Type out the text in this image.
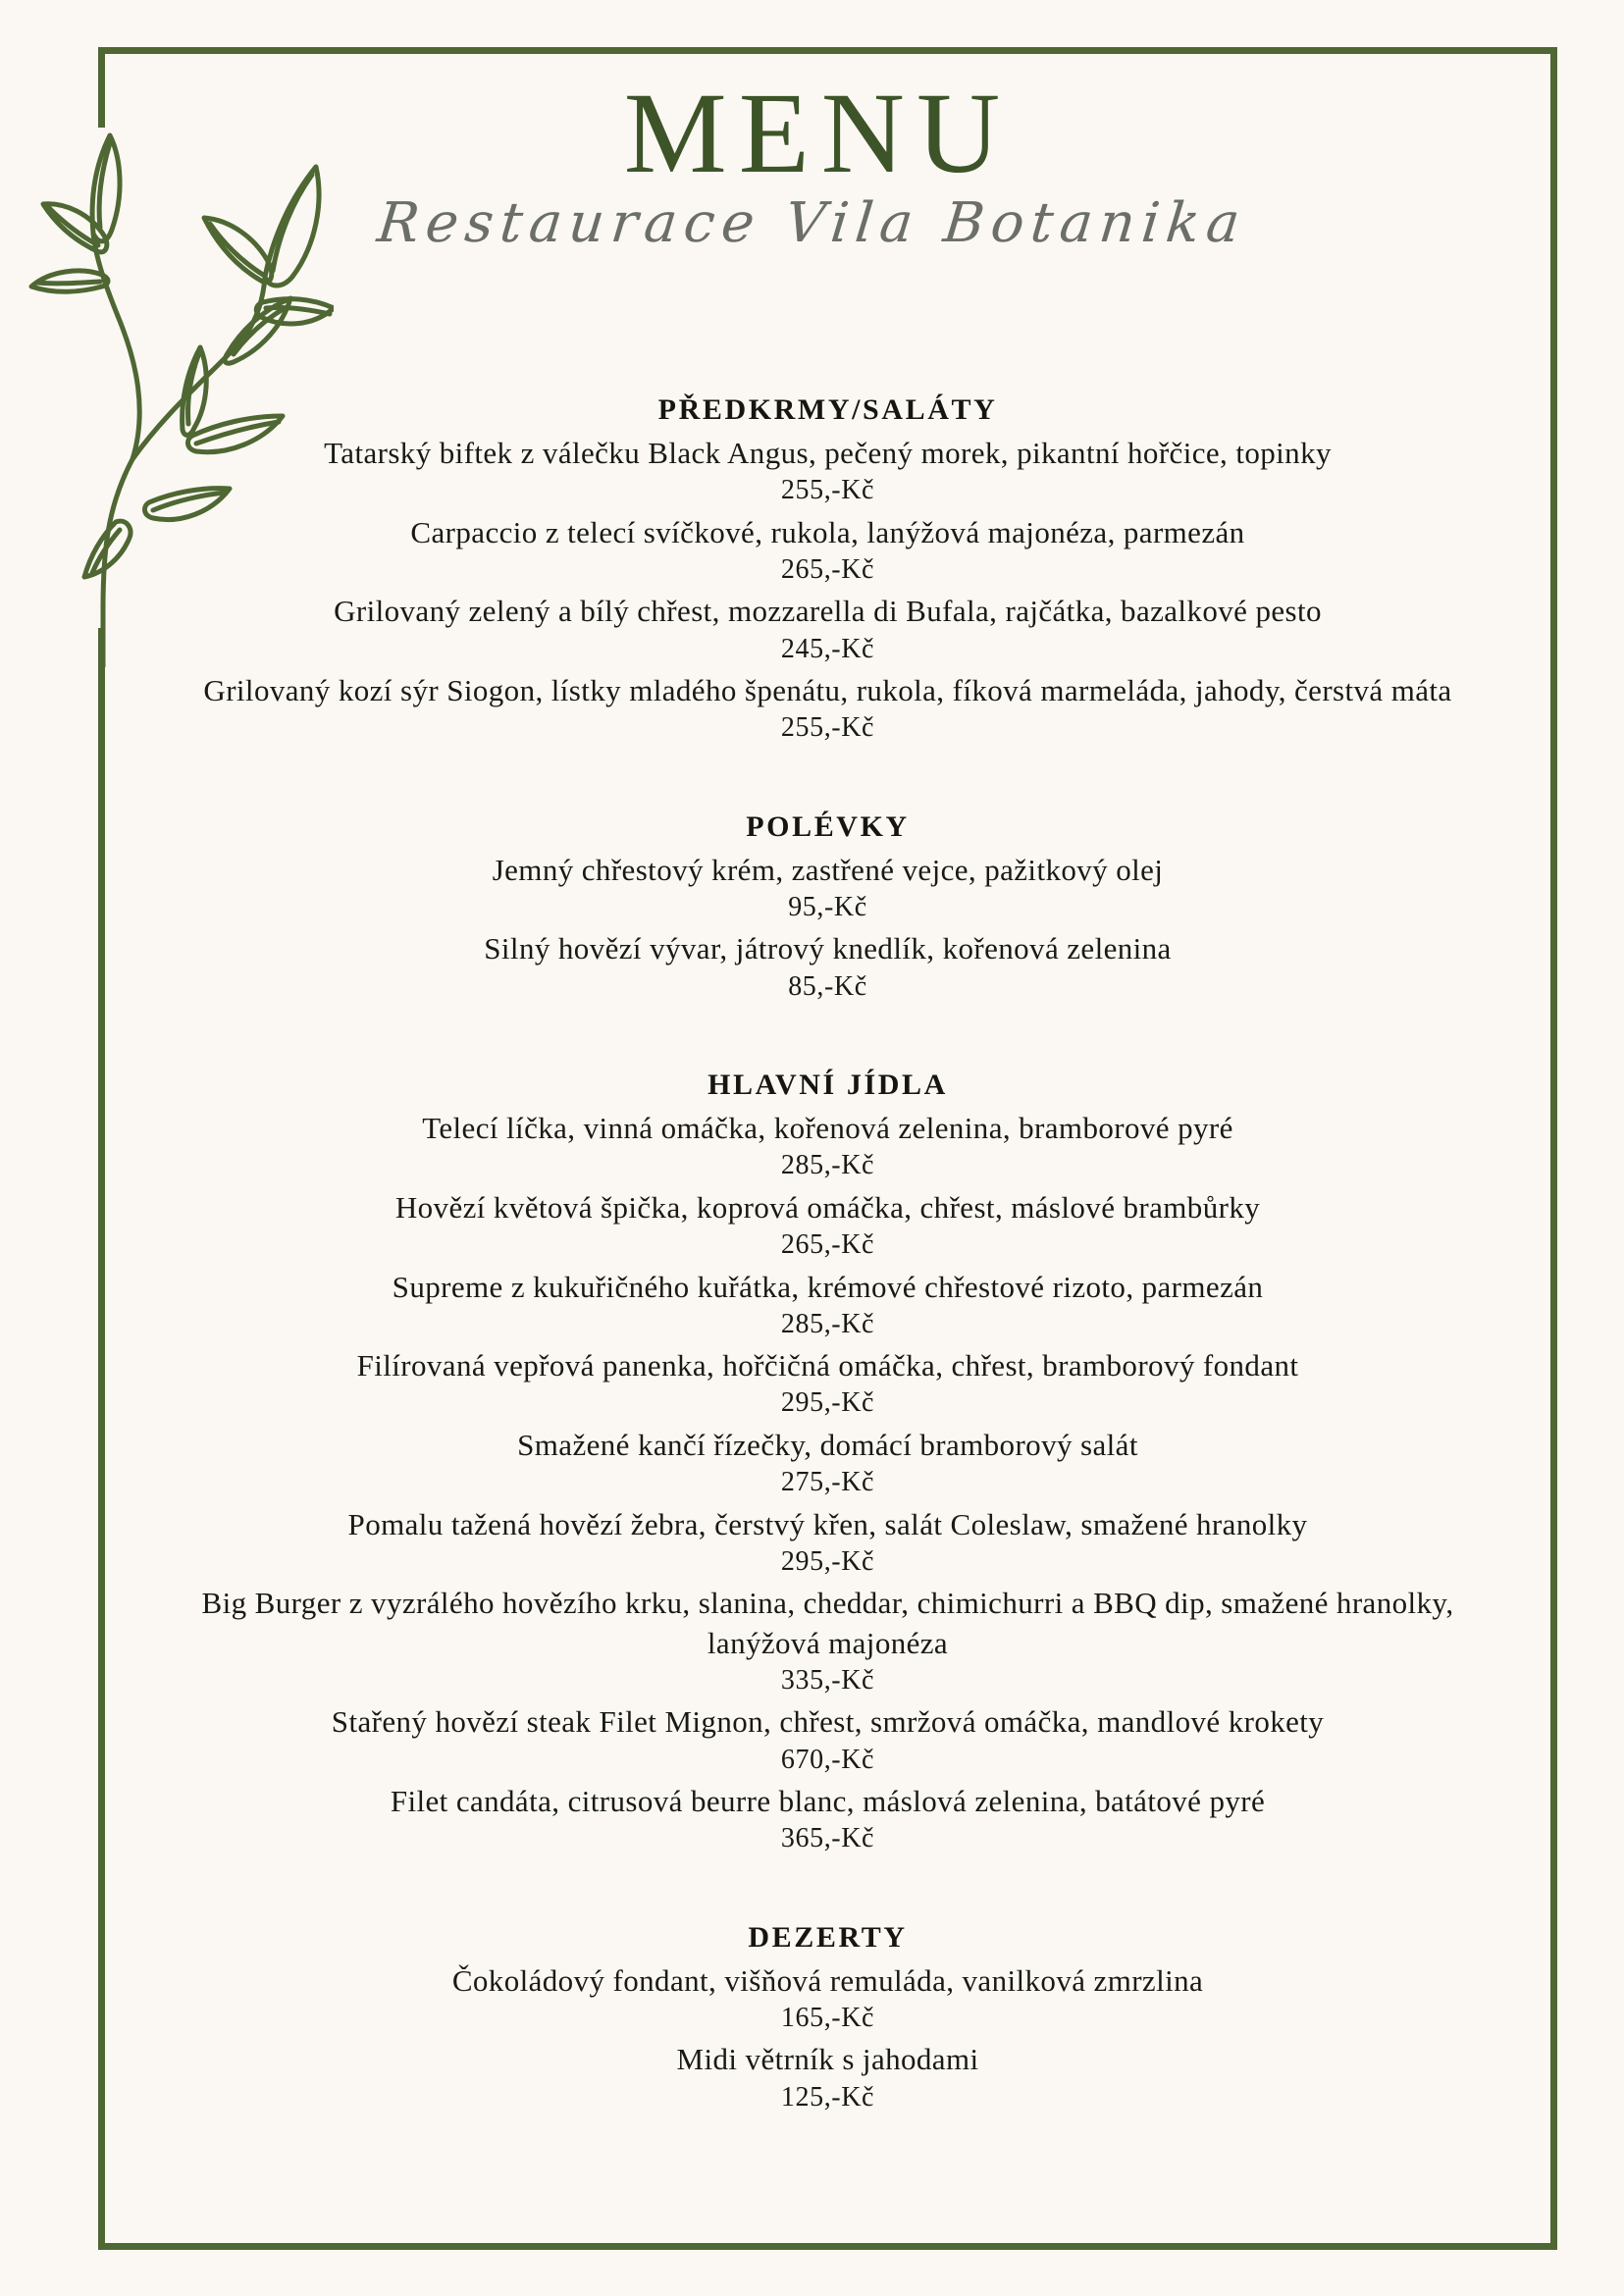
MENU
Restaurace Vila Botanika
PŘEDKRMY/SALÁTY
Tatarský biftek z válečku Black Angus, pečený morek, pikantní hořčice, topinky
255,-Kč
Carpaccio z telecí svíčkové, rukola, lanýžová majonéza, parmezán
265,-Kč
Grilovaný zelený a bílý chřest, mozzarella di Bufala, rajčátka, bazalkové pesto
245,-Kč
Grilovaný kozí sýr Siogon, lístky mladého špenátu, rukola, fíková marmeláda, jahody, čerstvá máta
255,-Kč
POLÉVKY
Jemný chřestový krém, zastřené vejce, pažitkový olej
95,-Kč
Silný hovězí vývar, játrový knedlík, kořenová zelenina
85,-Kč
HLAVNÍ JÍDLA
Telecí líčka, vinná omáčka, kořenová zelenina, bramborové pyré
285,-Kč
Hovězí květová špička, koprová omáčka, chřest, máslové brambůrky
265,-Kč
Supreme z kukuřičného kuřátka, krémové chřestové rizoto, parmezán
285,-Kč
Filírovaná vepřová panenka, hořčičná omáčka, chřest, bramborový fondant
295,-Kč
Smažené kančí řízečky, domácí bramborový salát
275,-Kč
Pomalu tažená hovězí žebra, čerstvý křen, salát Coleslaw, smažené hranolky
295,-Kč
Big Burger z vyzrálého hovězího krku, slanina, cheddar, chimichurri a BBQ dip, smažené hranolky, lanýžová majonéza
335,-Kč
Stařený hovězí steak Filet Mignon, chřest, smržová omáčka, mandlové krokety
670,-Kč
Filet candáta, citrusová beurre blanc, máslová zelenina, batátové pyré
365,-Kč
DEZERTY
Čokoládový fondant, višňová remuláda, vanilková zmrzlina
165,-Kč
Midi větrník s jahodami
125,-Kč
